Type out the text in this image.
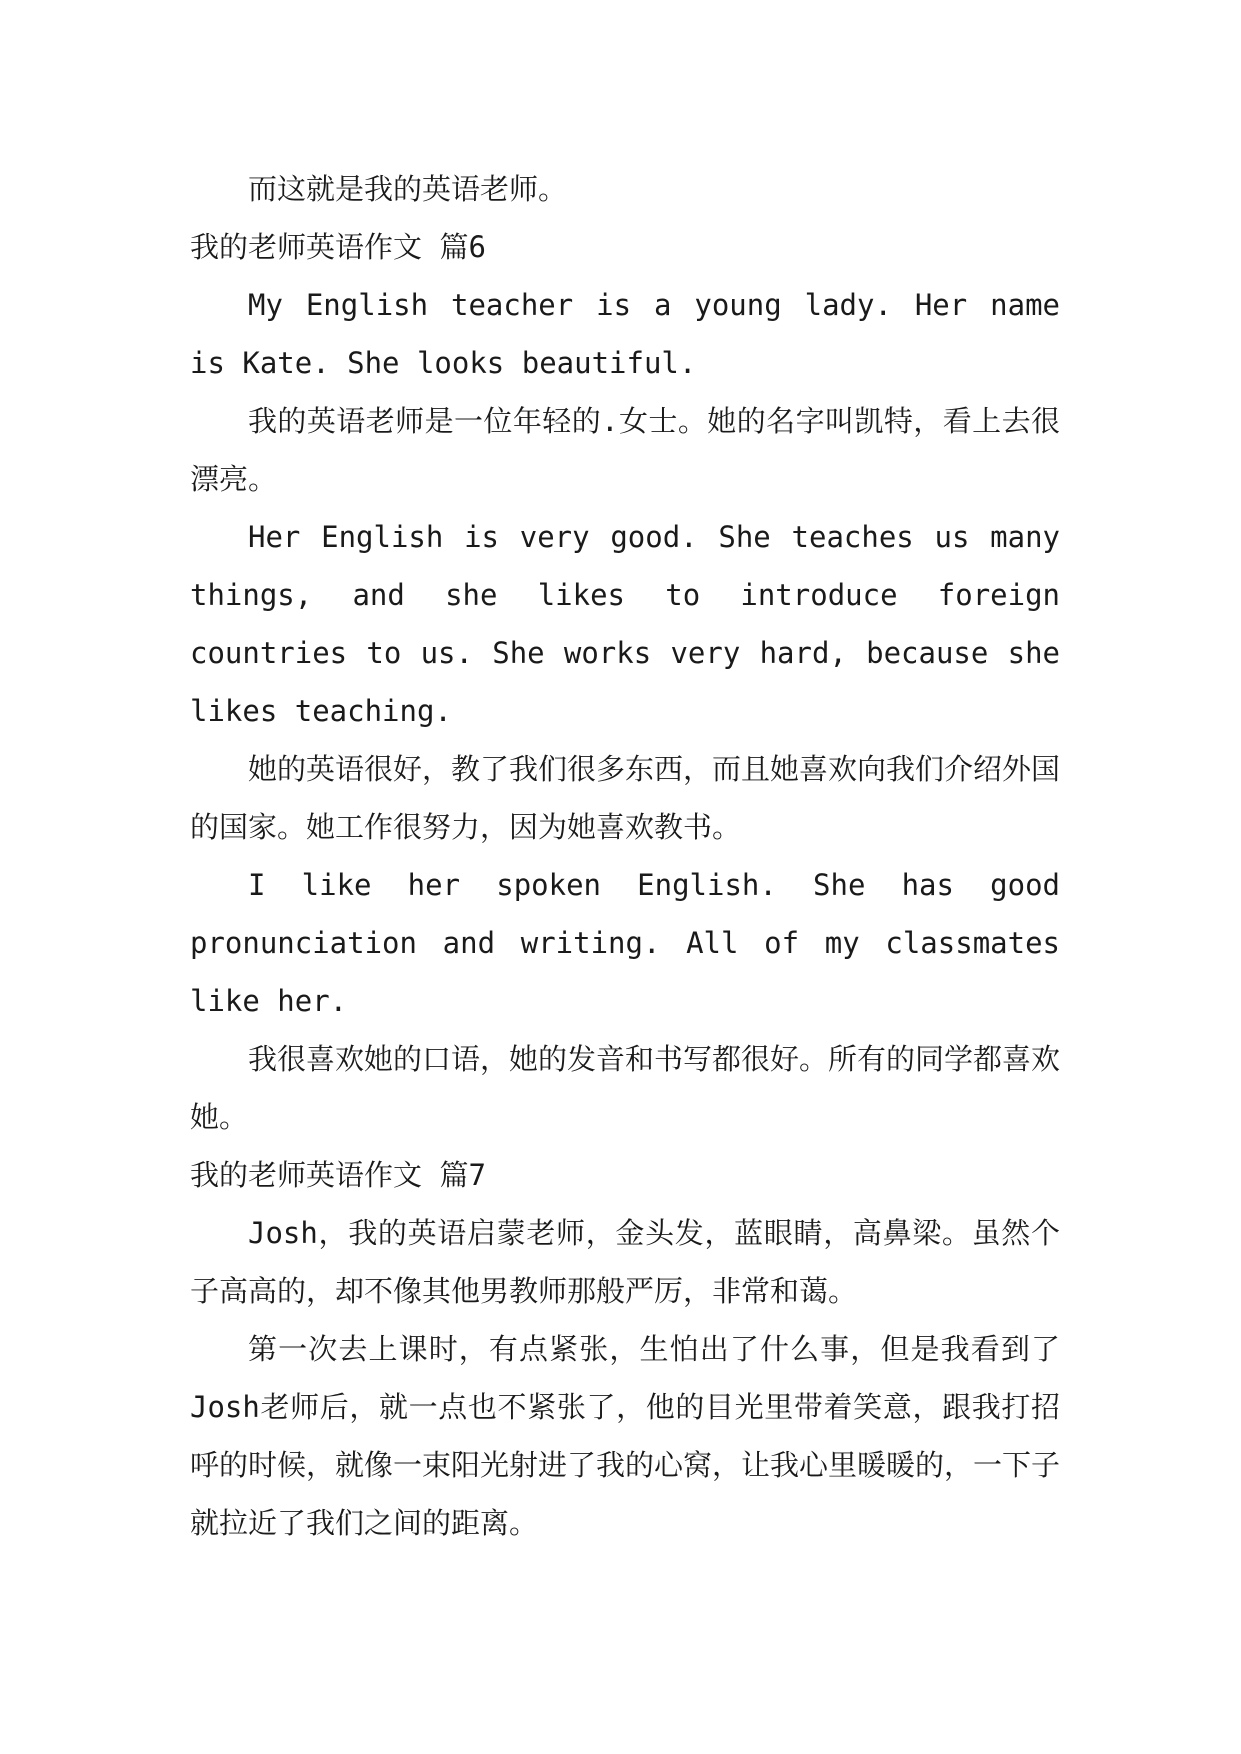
而这就是我的英语老师。

我的老师英语作文 篇6

My English teacher is a young lady. Her name is Kate. She looks beautiful.

我的英语老师是一位年轻的.女士。她的名字叫凯特，看上去很漂亮。

Her English is very good. She teaches us many things, and she likes to introduce foreign countries to us. She works very hard, because she likes teaching.

她的英语很好，教了我们很多东西，而且她喜欢向我们介绍外国的国家。她工作很努力，因为她喜欢教书。

I like her spoken English. She has good pronunciation and writing. All of my classmates like her.

我很喜欢她的口语，她的发音和书写都很好。所有的同学都喜欢她。

我的老师英语作文 篇7

Josh，我的英语启蒙老师，金头发，蓝眼睛，高鼻梁。虽然个子高高的，却不像其他男教师那般严厉，非常和蔼。

第一次去上课时，有点紧张，生怕出了什么事，但是我看到了Josh老师后，就一点也不紧张了，他的目光里带着笑意，跟我打招呼的时候，就像一束阳光射进了我的心窝，让我心里暖暖的，一下子就拉近了我们之间的距离。
